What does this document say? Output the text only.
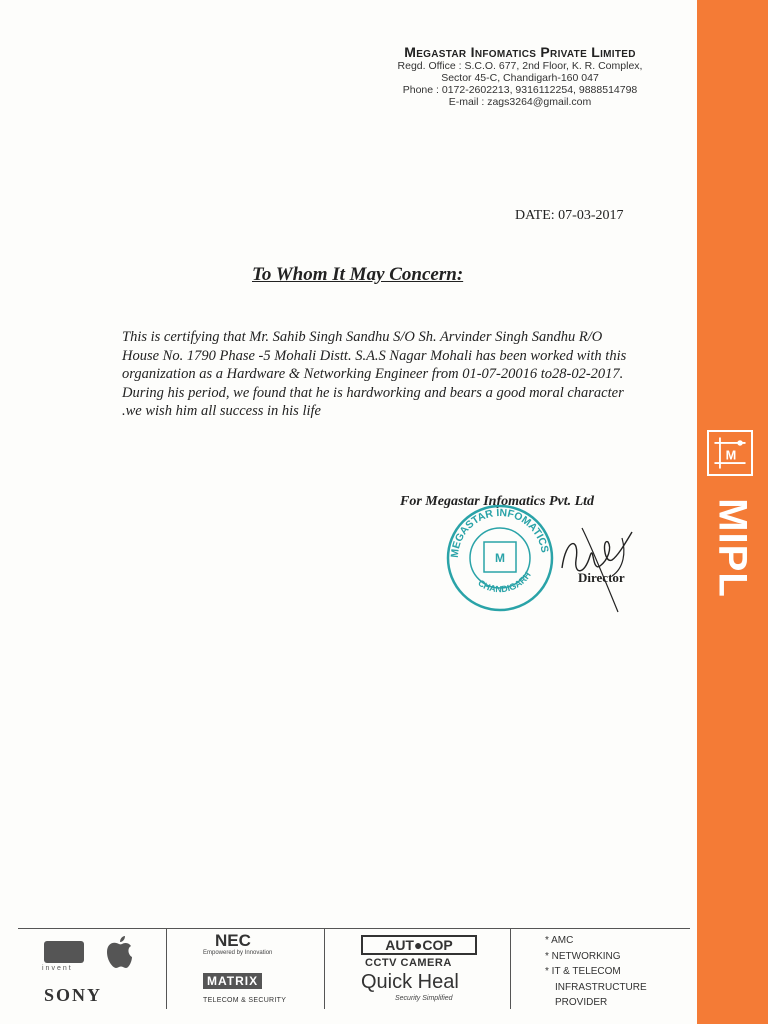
M
MIPL
Megastar Infomatics Private Limited
Regd. Office : S.C.O. 677, 2nd Floor, K. R. Complex,
Sector 45-C, Chandigarh-160 047
Phone : 0172-2602213, 9316112254, 9888514798
E-mail : zags3264@gmail.com
DATE: 07-03-2017
To Whom It May Concern:
This is certifying that Mr. Sahib Singh Sandhu S/O Sh. Arvinder Singh Sandhu R/O House No. 1790 Phase -5 Mohali Distt. S.A.S Nagar Mohali has been worked with this organization as a Hardware & Networking Engineer from 01-07-20016 to28-02-2017. During his period, we found that he is hardworking and bears a good moral character .we wish him all success in his life
For Megastar Infomatics Pvt. Ltd
MEGASTAR INFOMATICS
CHANDIGARH
M
Director
invent
SONY
NEC
Empowered by Innovation
MATRIX
TELECOM & SECURITY
AUT●COP
CCTV CAMERA
Quick Heal
Security Simplified
* AMC
* NETWORKING
* IT & TELECOM
INFRASTRUCTURE
PROVIDER
